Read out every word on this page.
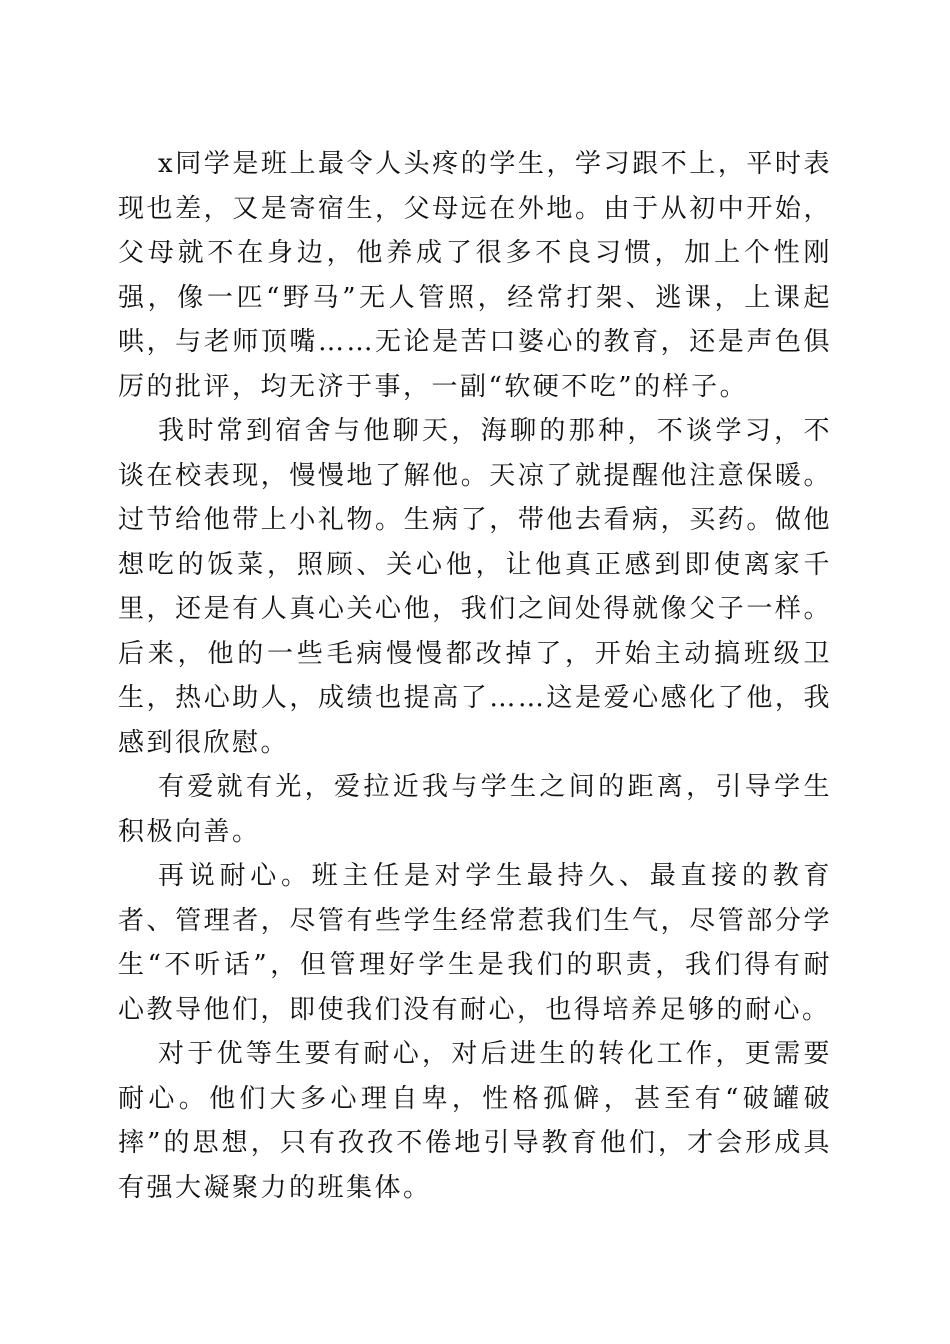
x同学是班上最令人头疼的学生，学习跟不上，平时表现也差，又是寄宿生，父母远在外地。由于从初中开始，父母就不在身边，他养成了很多不良习惯，加上个性刚强，像一匹“野马”无人管照，经常打架、逃课，上课起哄，与老师顶嘴……无论是苦口婆心的教育，还是声色俱厉的批评，均无济于事，一副“软硬不吃”的样子。

我时常到宿舍与他聊天，海聊的那种，不谈学习，不谈在校表现，慢慢地了解他。天凉了就提醒他注意保暖。过节给他带上小礼物。生病了，带他去看病，买药。做他想吃的饭菜，照顾、关心他，让他真正感到即使离家千里，还是有人真心关心他，我们之间处得就像父子一样。后来，他的一些毛病慢慢都改掉了，开始主动搞班级卫生，热心助人，成绩也提高了……这是爱心感化了他，我感到很欣慰。

有爱就有光，爱拉近我与学生之间的距离，引导学生积极向善。

再说耐心。班主任是对学生最持久、最直接的教育者、管理者，尽管有些学生经常惹我们生气，尽管部分学生“不听话”，但管理好学生是我们的职责，我们得有耐心教导他们，即使我们没有耐心，也得培养足够的耐心。

对于优等生要有耐心，对后进生的转化工作，更需要耐心。他们大多心理自卑，性格孤僻，甚至有“破罐破摔”的思想，只有孜孜不倦地引导教育他们，才会形成具有强大凝聚力的班集体。
